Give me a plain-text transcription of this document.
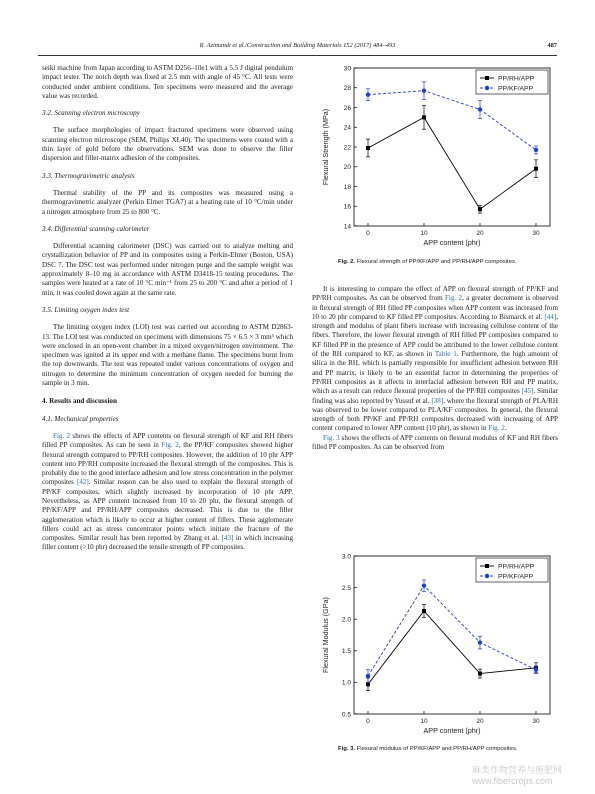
R. Azimandi et al./Construction and Building Materials 152 (2017) 484–493	487

seiki machine from Japan according to ASTM D256–10e1 with a 5.5 J digital pendulum impact tester. The notch depth was fixed at 2.5 mm with angle of 45 °C. All tests were conducted under ambient conditions. Ten specimens were measured and the average value was recorded.

3.2. Scanning electron microscopy

The surface morphologies of impact fractured specimens were observed using scanning electron microscope (SEM, Philips XL40). The specimens were coated with a thin layer of gold before the observations. SEM was done to observe the filler dispersion and filler-matrix adhesion of the composites.

3.3. Thermogravimetric analysis

Thermal stability of the PP and its composites was measured using a thermogravimetric analyzer (Perkin Elmer TGA7) at a heating rate of 10 °C/min under a nitrogen atmosphere from 25 to 800 °C.

3.4. Differential scanning calorimeter

Differential scanning calorimeter (DSC) was carried out to analyze melting and crystallization behavior of PP and its composites using a Perkin-Elmer (Boston, USA) DSC 7. The DSC test was performed under nitrogen purge and the sample weight was approximately 8–10 mg in accordance with ASTM D3418-15 testing procedures. The samples were heated at a rate of 10 °C min⁻¹ from 25 to 200 °C and after a period of 1 min, it was cooled down again at the same rate.

3.5. Limiting oxygen index test

The limiting oxygen index (LOI) test was carried out according to ASTM D2863-13. The LOI test was conducted on specimens with dimensions 75 × 6.5 × 3 mm³ which were enclosed in an open-vent chamber in a mixed oxygen/nitrogen environment. The specimen was ignited at its upper end with a methane flame. The specimens burnt from the top downwards. The test was repeated under various concentrations of oxygen and nitrogen to determine the minimum concentration of oxygen needed for burning the sample in 3 min.

4. Results and discussion
4.1. Mechanical properties

Fig. 2 shows the effects of APP contents on flexural strength of KF and RH fibers filled PP composites. As can be seen in Fig. 2, the PP/KF composites showed higher flexural strength compared to PP/RH composites. However, the addition of 10 phr APP content into PP/RH composite increased the flexural strength of the composites. This is probably due to the good interface adhesion and low stress concentration in the polymer composites [42]. Similar reason can be also used to explain the flexural strength of PP/KF composites, which slightly increased by incorporation of 10 phr APP. Nevertheless, as APP content increased from 10 to 20 phr, the flexural strength of PP/KF/APP and PP/RH/APP composites decreased. This is due to the filler agglomeration which is likely to occur at higher content of fillers. These agglomerate fillers could act as stress concentrator points which initiate the fracture of the composites. Similar result has been reported by Zhang et al. [43] in which increasing filler content (>10 phr) decreased the tensile strength of PP composites.

It is interesting to compare the effect of APP on flexural strength of PP/KF and PP/RH composites. As can be observed from Fig. 2, a greater decrement is observed in flexural strength of RH filled PP composites when APP content was increased from 10 to 20 phr compared to KF filled PP composites. According to Bismarck et al. [44], strength and modulus of plant fibers increase with increasing cellulose content of the fibers. Therefore, the lower flexural strength of RH filled PP composites compared to KF filled PP in the presence of APP could be attributed to the lower cellulose content of the RH compared to KF, as shown in Table 1. Furthermore, the high amount of silica in the RH, which is partially responsible for insufficient adhesion between RH and PP matrix, is likely to be an essential factor in determining the properties of PP/RH composites as it affects in interfacial adhesion between RH and PP matrix, which as a result can reduce flexural properties of the PP/RH composites [45]. Similar finding was also reported by Yussuf et al. [38], where the flexural strength of PLA/RH was observed to be lower compared to PLA/KF composites. In general, the flexural strength of both PP/KF and PP/RH composites decreased with increasing of APP content compared to lower APP content (10 phr), as shown in Fig. 2.

Fig. 3 shows the effects of APP contents on flexural modulus of KF and RH fibers filled PP composites. As can be observed from

14
16
18
20
22
24
26
28
30
0	10	20	30
APP content (phr)
Flexural Strength (MPa)
PP/RH/APP
PP/KF/APP
Fig. 2. Flexural strength of PP/KF/APP and PP/RH/APP composites.
0.5
1.0
1.5
2.0
2.5
3.0
0	10	20	30
APP content (phr)
Flexural Modulus (GPa)
PP/RH/APP
PP/KF/APP
Fig. 3. Flexural modulus of PP/KF/APP and PP/RH/APP composites.
麻类作物营养与施肥网
www.fibercrops.com
